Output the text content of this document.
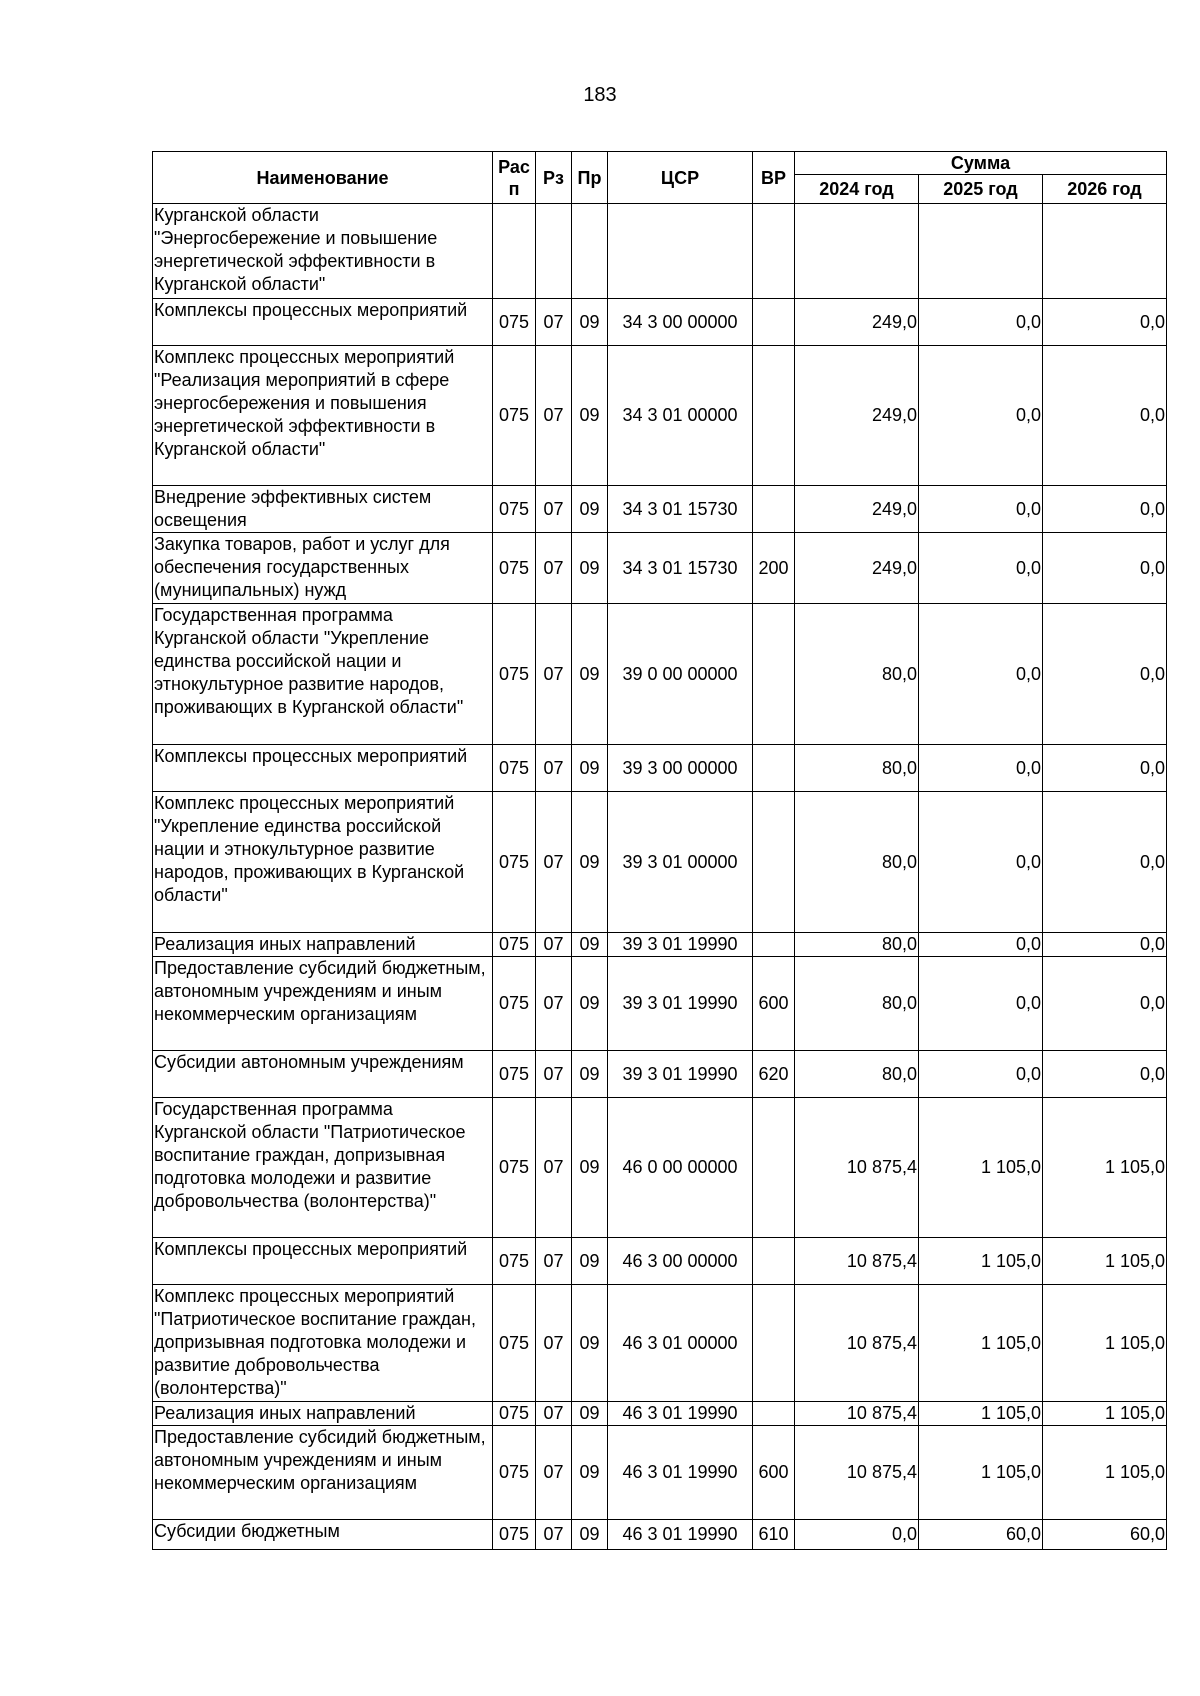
183
Наименование	Рас п	Рз	Пр	ЦСР	ВР	Сумма		
						2024 год	2025 год	2026 год
Курганской области "Энергосбережение и повышение энергетической эффективности в Курганской области"								
Комплексы процессных мероприятий	075	07	09	34 3 00 00000		249,0	0,0	0,0
Комплекс процессных мероприятий "Реализация мероприятий в сфере энергосбережения и повышения энергетической эффективности в Курганской области"	075	07	09	34 3 01 00000		249,0	0,0	0,0
Внедрение эффективных систем освещения	075	07	09	34 3 01 15730		249,0	0,0	0,0
Закупка товаров, работ и услуг для обеспечения государственных (муниципальных) нужд	075	07	09	34 3 01 15730	200	249,0	0,0	0,0
Государственная программа Курганской области "Укрепление единства российской нации и этнокультурное развитие народов, проживающих в Курганской области"	075	07	09	39 0 00 00000		80,0	0,0	0,0
Комплексы процессных мероприятий	075	07	09	39 3 00 00000		80,0	0,0	0,0
Комплекс процессных мероприятий "Укрепление единства российской нации и этнокультурное развитие народов, проживающих в Курганской области"	075	07	09	39 3 01 00000		80,0	0,0	0,0
Реализация иных направлений	075	07	09	39 3 01 19990		80,0	0,0	0,0
Предоставление субсидий бюджетным, автономным учреждениям и иным некоммерческим организациям	075	07	09	39 3 01 19990	600	80,0	0,0	0,0
Субсидии автономным учреждениям	075	07	09	39 3 01 19990	620	80,0	0,0	0,0
Государственная программа Курганской области "Патриотическое воспитание граждан, допризывная подготовка молодежи и развитие добровольчества (волонтерства)"	075	07	09	46 0 00 00000		10 875,4	1 105,0	1 105,0
Комплексы процессных мероприятий	075	07	09	46 3 00 00000		10 875,4	1 105,0	1 105,0
Комплекс процессных мероприятий "Патриотическое воспитание граждан, допризывная подготовка молодежи и развитие добровольчества (волонтерства)"	075	07	09	46 3 01 00000		10 875,4	1 105,0	1 105,0
Реализация иных направлений	075	07	09	46 3 01 19990		10 875,4	1 105,0	1 105,0
Предоставление субсидий бюджетным, автономным учреждениям и иным некоммерческим организациям	075	07	09	46 3 01 19990	600	10 875,4	1 105,0	1 105,0
Субсидии бюджетным	075	07	09	46 3 01 19990	610	0,0	60,0	60,0
